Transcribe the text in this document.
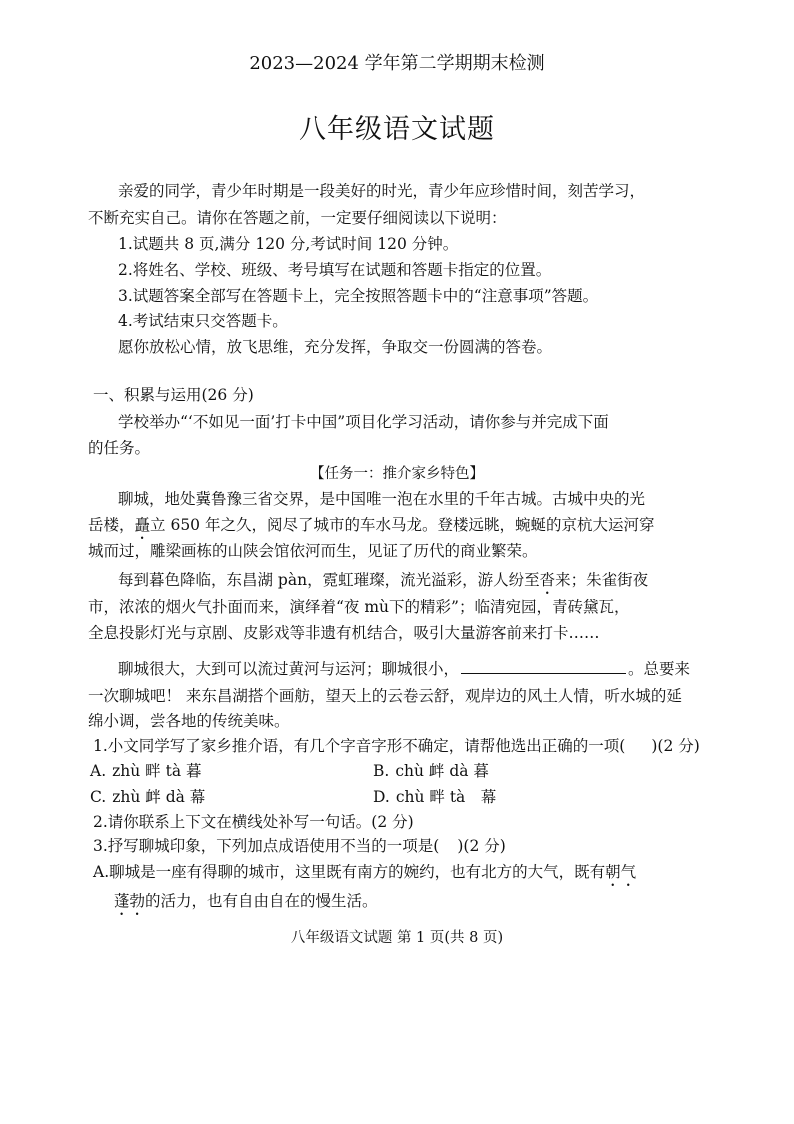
2023—2024 学年第二学期期末检测
八年级语文试题
亲爱的同学，青少年时期是一段美好的时光，青少年应珍惜时间，刻苦学习，
不断充实自己。请你在答题之前，一定要仔细阅读以下说明：
1.试题共 8 页,满分 120 分,考试时间 120 分钟。
2.将姓名、学校、班级、考号填写在试题和答题卡指定的位置。
3.试题答案全部写在答题卡上，完全按照答题卡中的“注意事项”答题。
4.考试结束只交答题卡。
愿你放松心情，放飞思维，充分发挥，争取交一份圆满的答卷。
一、积累与运用(26 分)
学校举办“‘不如见一面’打卡中国”项目化学习活动，请你参与并完成下面
的任务。
【任务一：推介家乡特色】
聊城，地处冀鲁豫三省交界，是中国唯一泡在水里的千年古城。古城中央的光
岳楼，矗立 650 年之久，阅尽了城市的车水马龙。登楼远眺，蜿蜒的京杭大运河穿
城而过，雕梁画栋的山陕会馆依河而生，见证了历代的商业繁荣。
每到暮色降临，东昌湖 pàn，霓虹璀璨，流光溢彩，游人纷至沓来；朱雀街夜
市，浓浓的烟火气扑面而来，演绎着“夜 mù下的精彩”；临清宛园，青砖黛瓦，
全息投影灯光与京剧、皮影戏等非遗有机结合，吸引大量游客前来打卡……
聊城很大，大到可以流过黄河与运河；聊城很小，	。总要来
一次聊城吧！ 来东昌湖搭个画舫，望天上的云卷云舒，观岸边的风土人情，听水城的延
绵小调，尝各地的传统美味。
1.小文同学写了家乡推介语，有几个字音字形不确定，请帮他选出正确的一项( )(2 分)
A. zhù 畔 tà 暮	B. chù 衅 dà 暮
C. zhù 衅 dà 幕	D. chù 畔 tà　幕
2.请你联系上下文在横线处补写一句话。(2 分)
3.抒写聊城印象，下列加点成语使用不当的一项是( )(2 分)
A.聊城是一座有得聊的城市，这里既有南方的婉约，也有北方的大气，既有朝气
蓬勃的活力，也有自由自在的慢生活。
八年级语文试题 第 1 页(共 8 页)
